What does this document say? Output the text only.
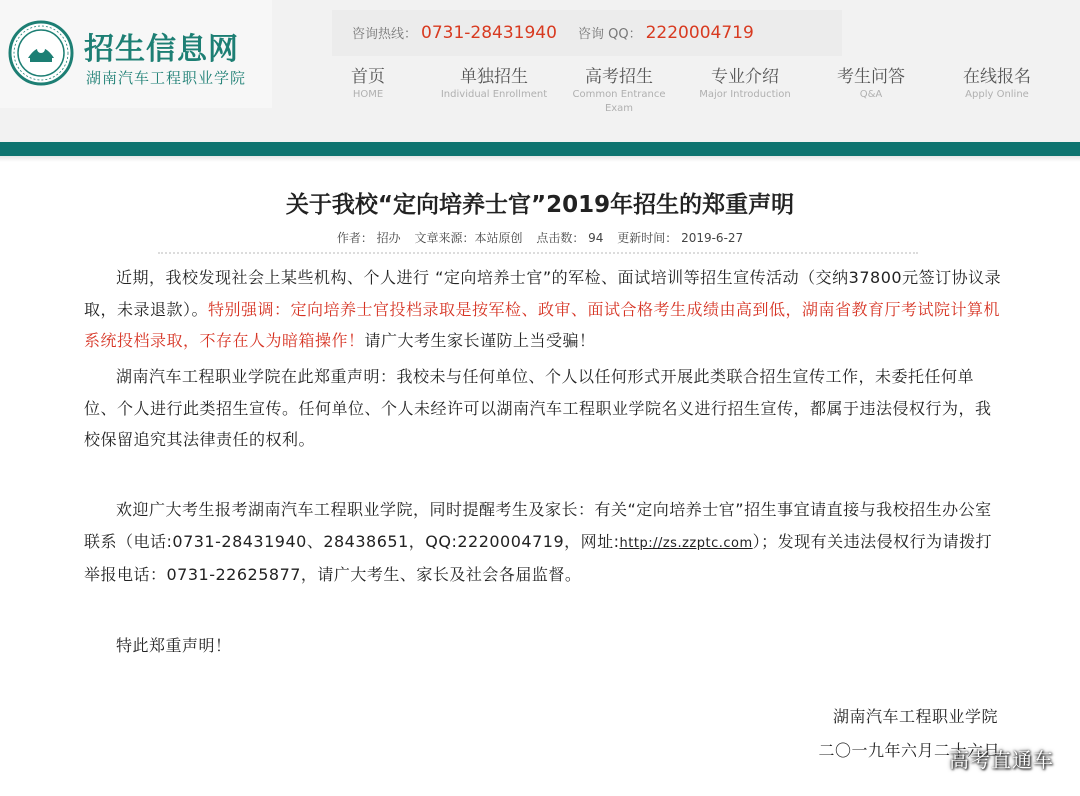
招生信息网
湖南汽车工程职业学院
咨询热线： 0731-28431940 咨询 QQ： 2220004719
首页
HOME
单独招生
Individual Enrollment
高考招生
Common Entrance Exam
专业介绍
Major Introduction
考生问答
Q&A
在线报名
Apply Online
关于我校“定向培养士官”2019年招生的郑重声明
作者： 招办 文章来源：本站原创 点击数： 94 更新时间： 2019-6-27
近期，我校发现社会上某些机构、个人进行 “定向培养士官”的军检、面试培训等招生宣传活动（交纳37800元签订协议录取，未录退款）。特别强调：定向培养士官投档录取是按军检、政审、面试合格考生成绩由高到低，湖南省教育厅考试院计算机系统投档录取，不存在人为暗箱操作！请广大考生家长谨防上当受骗！
湖南汽车工程职业学院在此郑重声明：我校未与任何单位、个人以任何形式开展此类联合招生宣传工作，未委托任何单位、个人进行此类招生宣传。任何单位、个人未经许可以湖南汽车工程职业学院名义进行招生宣传，都属于违法侵权行为，我校保留追究其法律责任的权利。
欢迎广大考生报考湖南汽车工程职业学院，同时提醒考生及家长：有关“定向培养士官”招生事宜请直接与我校招生办公室联系（电话:0731-28431940、28438651，QQ:2220004719，网址:http://zs.zzptc.com）；发现有关违法侵权行为请拨打举报电话：0731-22625877，请广大考生、家长及社会各届监督。
特此郑重声明！
湖南汽车工程职业学院
二〇一九年六月二十六日
高考直通车
